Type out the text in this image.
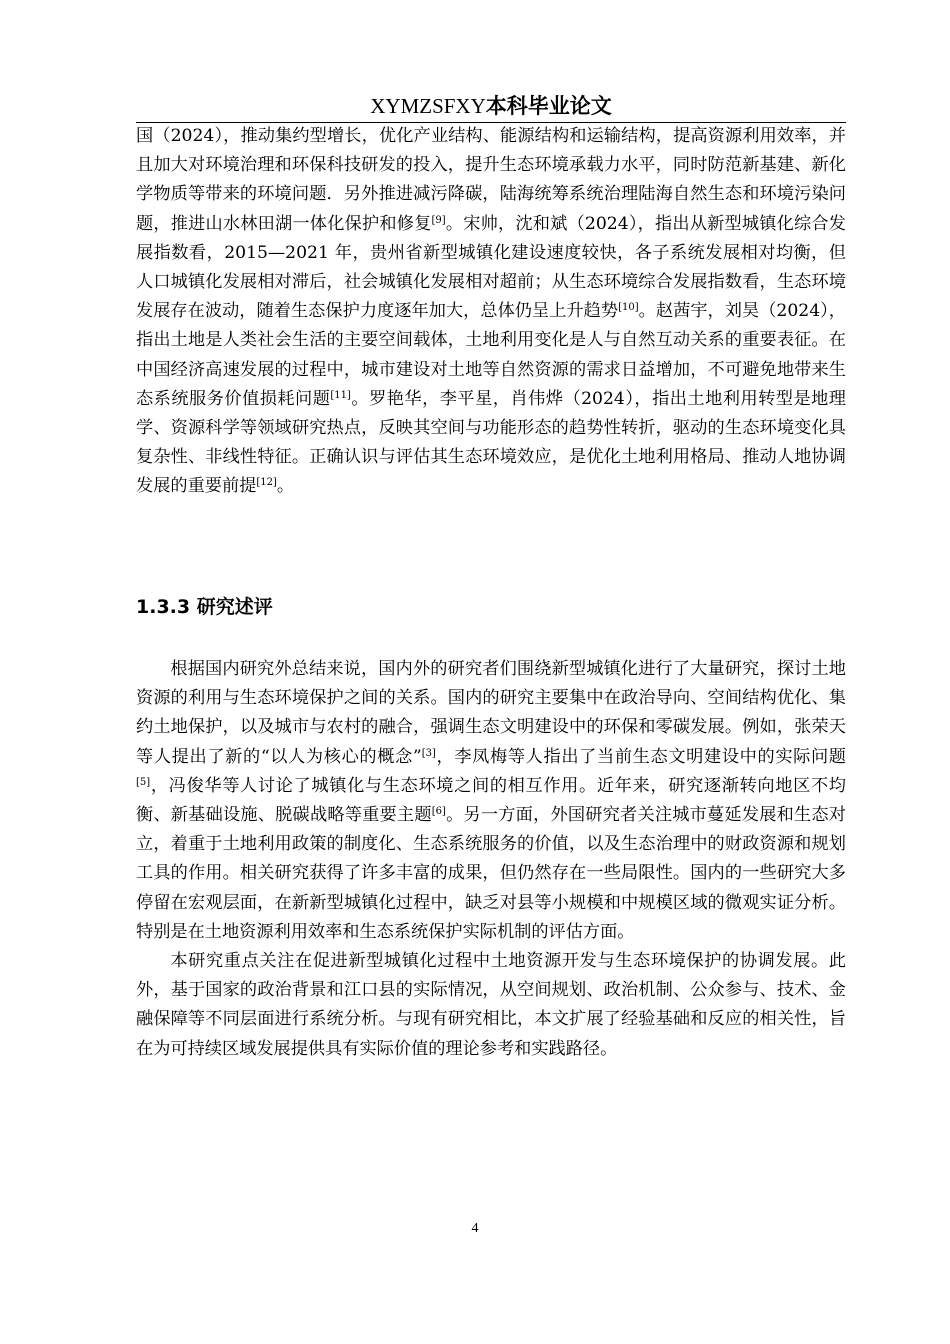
XYMZSFXY本科毕业论文

国（2024），推动集约型增长，优化产业结构、能源结构和运输结构，提高资源利用效率，并且加大对环境治理和环保科技研发的投入，提升生态环境承载力水平，同时防范新基建、新化学物质等带来的环境问题．另外推进减污降碳，陆海统筹系统治理陆海自然生态和环境污染问题，推进山水林田湖一体化保护和修复[9]。宋帅，沈和斌（2024），指出从新型城镇化综合发展指数看，2015—2021 年，贵州省新型城镇化建设速度较快，各子系统发展相对均衡，但人口城镇化发展相对滞后，社会城镇化发展相对超前；从生态环境综合发展指数看，生态环境发展存在波动，随着生态保护力度逐年加大，总体仍呈上升趋势[10]。赵茜宇，刘昊（2024），指出土地是人类社会生活的主要空间载体，土地利用变化是人与自然互动关系的重要表征。在中国经济高速发展的过程中，城市建设对土地等自然资源的需求日益增加，不可避免地带来生态系统服务价值损耗问题[11]。罗艳华，李平星，肖伟烨（2024），指出土地利用转型是地理学、资源科学等领域研究热点，反映其空间与功能形态的趋势性转折，驱动的生态环境变化具复杂性、非线性特征。正确认识与评估其生态环境效应，是优化土地利用格局、推动人地协调发展的重要前提[12]。

1.3.3 研究述评

根据国内研究外总结来说，国内外的研究者们围绕新型城镇化进行了大量研究，探讨土地资源的利用与生态环境保护之间的关系。国内的研究主要集中在政治导向、空间结构优化、集约土地保护，以及城市与农村的融合，强调生态文明建设中的环保和零碳发展。例如，张荣天等人提出了新的“以人为核心的概念”[3]，李凤梅等人指出了当前生态文明建设中的实际问题[5]，冯俊华等人讨论了城镇化与生态环境之间的相互作用。近年来，研究逐渐转向地区不均衡、新基础设施、脱碳战略等重要主题[6]。另一方面，外国研究者关注城市蔓延发展和生态对立，着重于土地利用政策的制度化、生态系统服务的价值，以及生态治理中的财政资源和规划工具的作用。相关研究获得了许多丰富的成果，但仍然存在一些局限性。国内的一些研究大多停留在宏观层面，在新新型城镇化过程中，缺乏对县等小规模和中规模区域的微观实证分析。特别是在土地资源利用效率和生态系统保护实际机制的评估方面。

本研究重点关注在促进新型城镇化过程中土地资源开发与生态环境保护的协调发展。此外，基于国家的政治背景和江口县的实际情况，从空间规划、政治机制、公众参与、技术、金融保障等不同层面进行系统分析。与现有研究相比，本文扩展了经验基础和反应的相关性，旨在为可持续区域发展提供具有实际价值的理论参考和实践路径。

4
